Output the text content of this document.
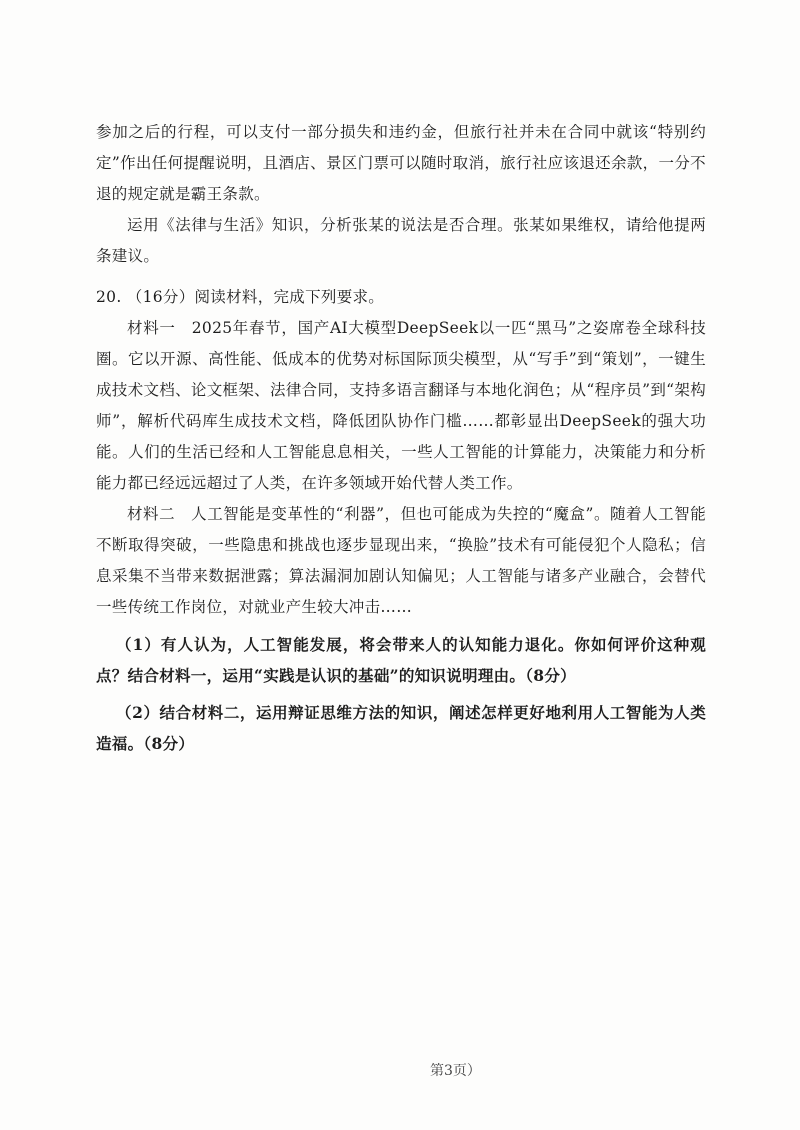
参加之后的行程，可以支付一部分损失和违约金，但旅行社并未在合同中就该“特别约定”作出任何提醒说明，且酒店、景区门票可以随时取消，旅行社应该退还余款，一分不退的规定就是霸王条款。

运用《法律与生活》知识，分析张某的说法是否合理。张某如果维权，请给他提两条建议。

20. （16分）阅读材料，完成下列要求。

材料一　2025年春节，国产AI大模型DeepSeek以一匹“黑马”之姿席卷全球科技圈。它以开源、高性能、低成本的优势对标国际顶尖模型，从“写手”到“策划”，一键生成技术文档、论文框架、法律合同，支持多语言翻译与本地化润色；从“程序员”到“架构师”，解析代码库生成技术文档，降低团队协作门槛……都彰显出DeepSeek的强大功能。人们的生活已经和人工智能息息相关，一些人工智能的计算能力，决策能力和分析能力都已经远远超过了人类，在许多领域开始代替人类工作。

材料二　人工智能是变革性的“利器”，但也可能成为失控的“魔盒”。随着人工智能不断取得突破，一些隐患和挑战也逐步显现出来，“换脸”技术有可能侵犯个人隐私；信息采集不当带来数据泄露；算法漏洞加剧认知偏见；人工智能与诸多产业融合，会替代一些传统工作岗位，对就业产生较大冲击……

（1）有人认为，人工智能发展，将会带来人的认知能力退化。你如何评价这种观点？结合材料一，运用“实践是认识的基础”的知识说明理由。（8分）

（2）结合材料二，运用辩证思维方法的知识，阐述怎样更好地利用人工智能为人类造福。（8分）

第3页）
